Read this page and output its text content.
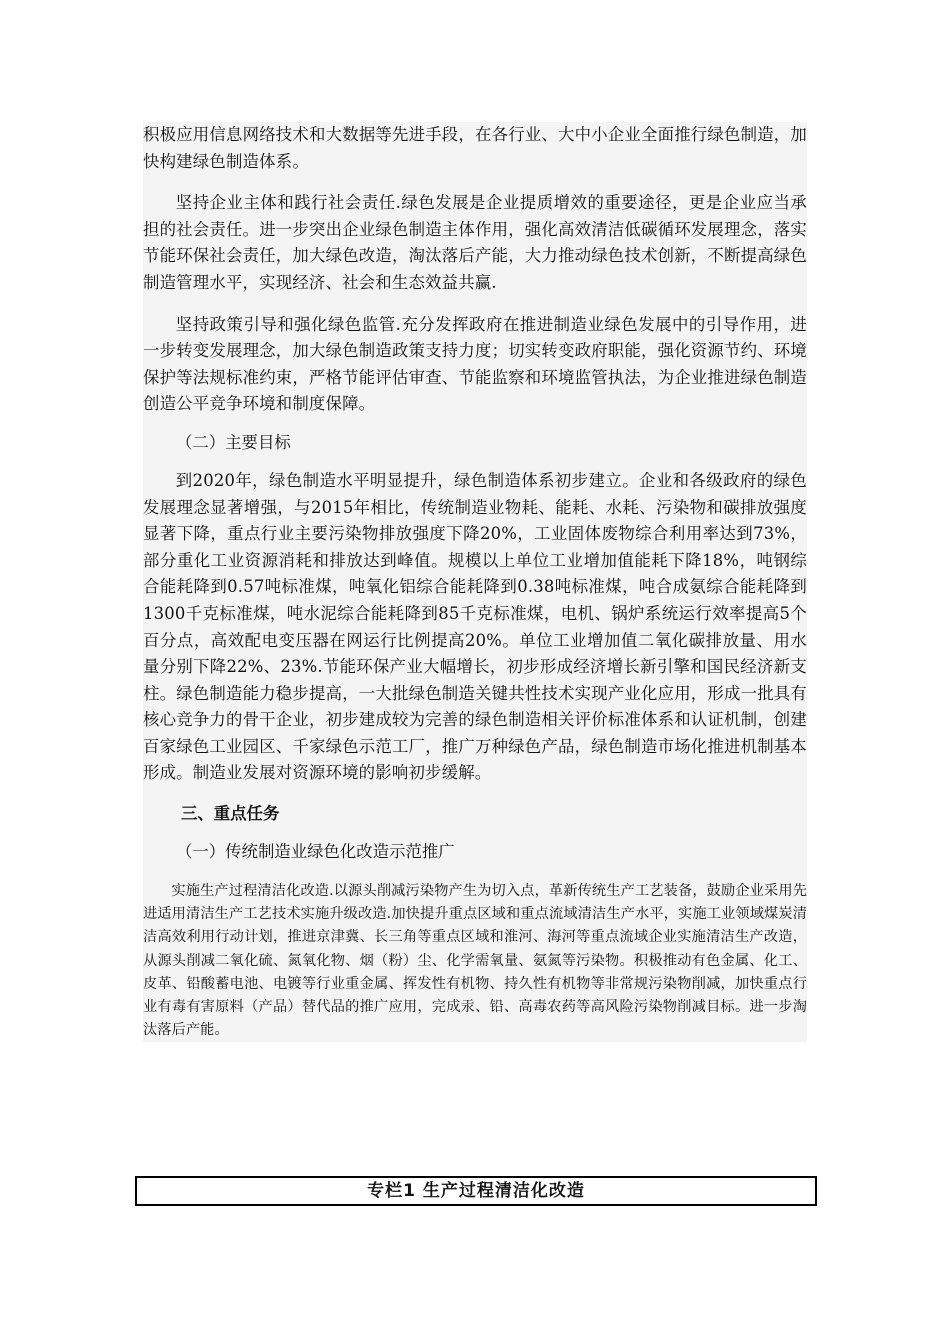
积极应用信息网络技术和大数据等先进手段，在各行业、大中小企业全面推行绿色制造，加快构建绿色制造体系。

坚持企业主体和践行社会责任.绿色发展是企业提质增效的重要途径，更是企业应当承担的社会责任。进一步突出企业绿色制造主体作用，强化高效清洁低碳循环发展理念，落实节能环保社会责任，加大绿色改造，淘汰落后产能，大力推动绿色技术创新，不断提高绿色制造管理水平，实现经济、社会和生态效益共赢.

坚持政策引导和强化绿色监管.充分发挥政府在推进制造业绿色发展中的引导作用，进一步转变发展理念，加大绿色制造政策支持力度；切实转变政府职能，强化资源节约、环境保护等法规标准约束，严格节能评估审查、节能监察和环境监管执法，为企业推进绿色制造创造公平竞争环境和制度保障。

（二）主要目标

到2020年，绿色制造水平明显提升，绿色制造体系初步建立。企业和各级政府的绿色发展理念显著增强，与2015年相比，传统制造业物耗、能耗、水耗、污染物和碳排放强度显著下降，重点行业主要污染物排放强度下降20%，工业固体废物综合利用率达到73%，部分重化工业资源消耗和排放达到峰值。规模以上单位工业增加值能耗下降18%，吨钢综合能耗降到0.57吨标准煤，吨氧化铝综合能耗降到0.38吨标准煤，吨合成氨综合能耗降到1300千克标准煤，吨水泥综合能耗降到85千克标准煤，电机、锅炉系统运行效率提高5个百分点，高效配电变压器在网运行比例提高20%。单位工业增加值二氧化碳排放量、用水量分别下降22%、23%.节能环保产业大幅增长，初步形成经济增长新引擎和国民经济新支柱。绿色制造能力稳步提高，一大批绿色制造关键共性技术实现产业化应用，形成一批具有核心竞争力的骨干企业，初步建成较为完善的绿色制造相关评价标准体系和认证机制，创建百家绿色工业园区、千家绿色示范工厂，推广万种绿色产品，绿色制造市场化推进机制基本形成。制造业发展对资源环境的影响初步缓解。

三、重点任务

（一）传统制造业绿色化改造示范推广

实施生产过程清洁化改造.以源头削减污染物产生为切入点，革新传统生产工艺装备，鼓励企业采用先进适用清洁生产工艺技术实施升级改造.加快提升重点区域和重点流域清洁生产水平，实施工业领域煤炭清洁高效利用行动计划，推进京津冀、长三角等重点区域和淮河、海河等重点流域企业实施清洁生产改造，从源头削减二氧化硫、氮氧化物、烟（粉）尘、化学需氧量、氨氮等污染物。积极推动有色金属、化工、皮革、铅酸蓄电池、电镀等行业重金属、挥发性有机物、持久性有机物等非常规污染物削减，加快重点行业有毒有害原料（产品）替代品的推广应用，完成汞、铅、高毒农药等高风险污染物削减目标。进一步淘汰落后产能。

专栏1 生产过程清洁化改造
